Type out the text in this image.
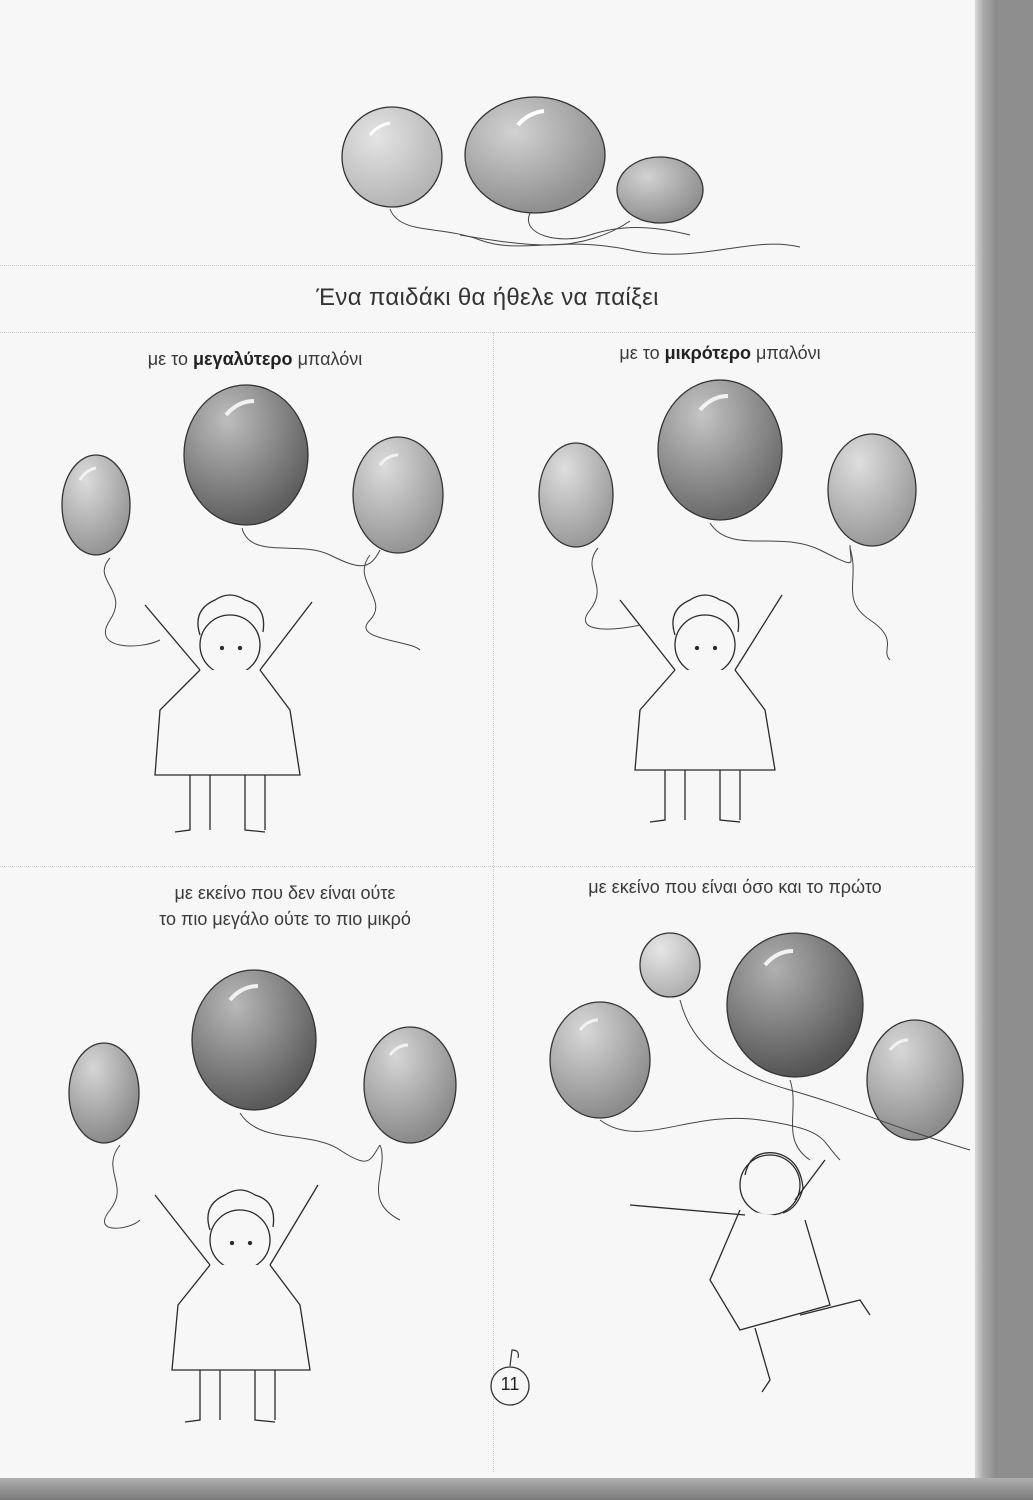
Ένα παιδάκι θα ήθελε να παίξει
με το μεγαλύτερο μπαλόνι	με το μικρότερο μπαλόνι
με εκείνο που δεν είναι ούτε
το πιο μεγάλο ούτε το πιο μικρό
με εκείνο που είναι όσο και το πρώτο
11
